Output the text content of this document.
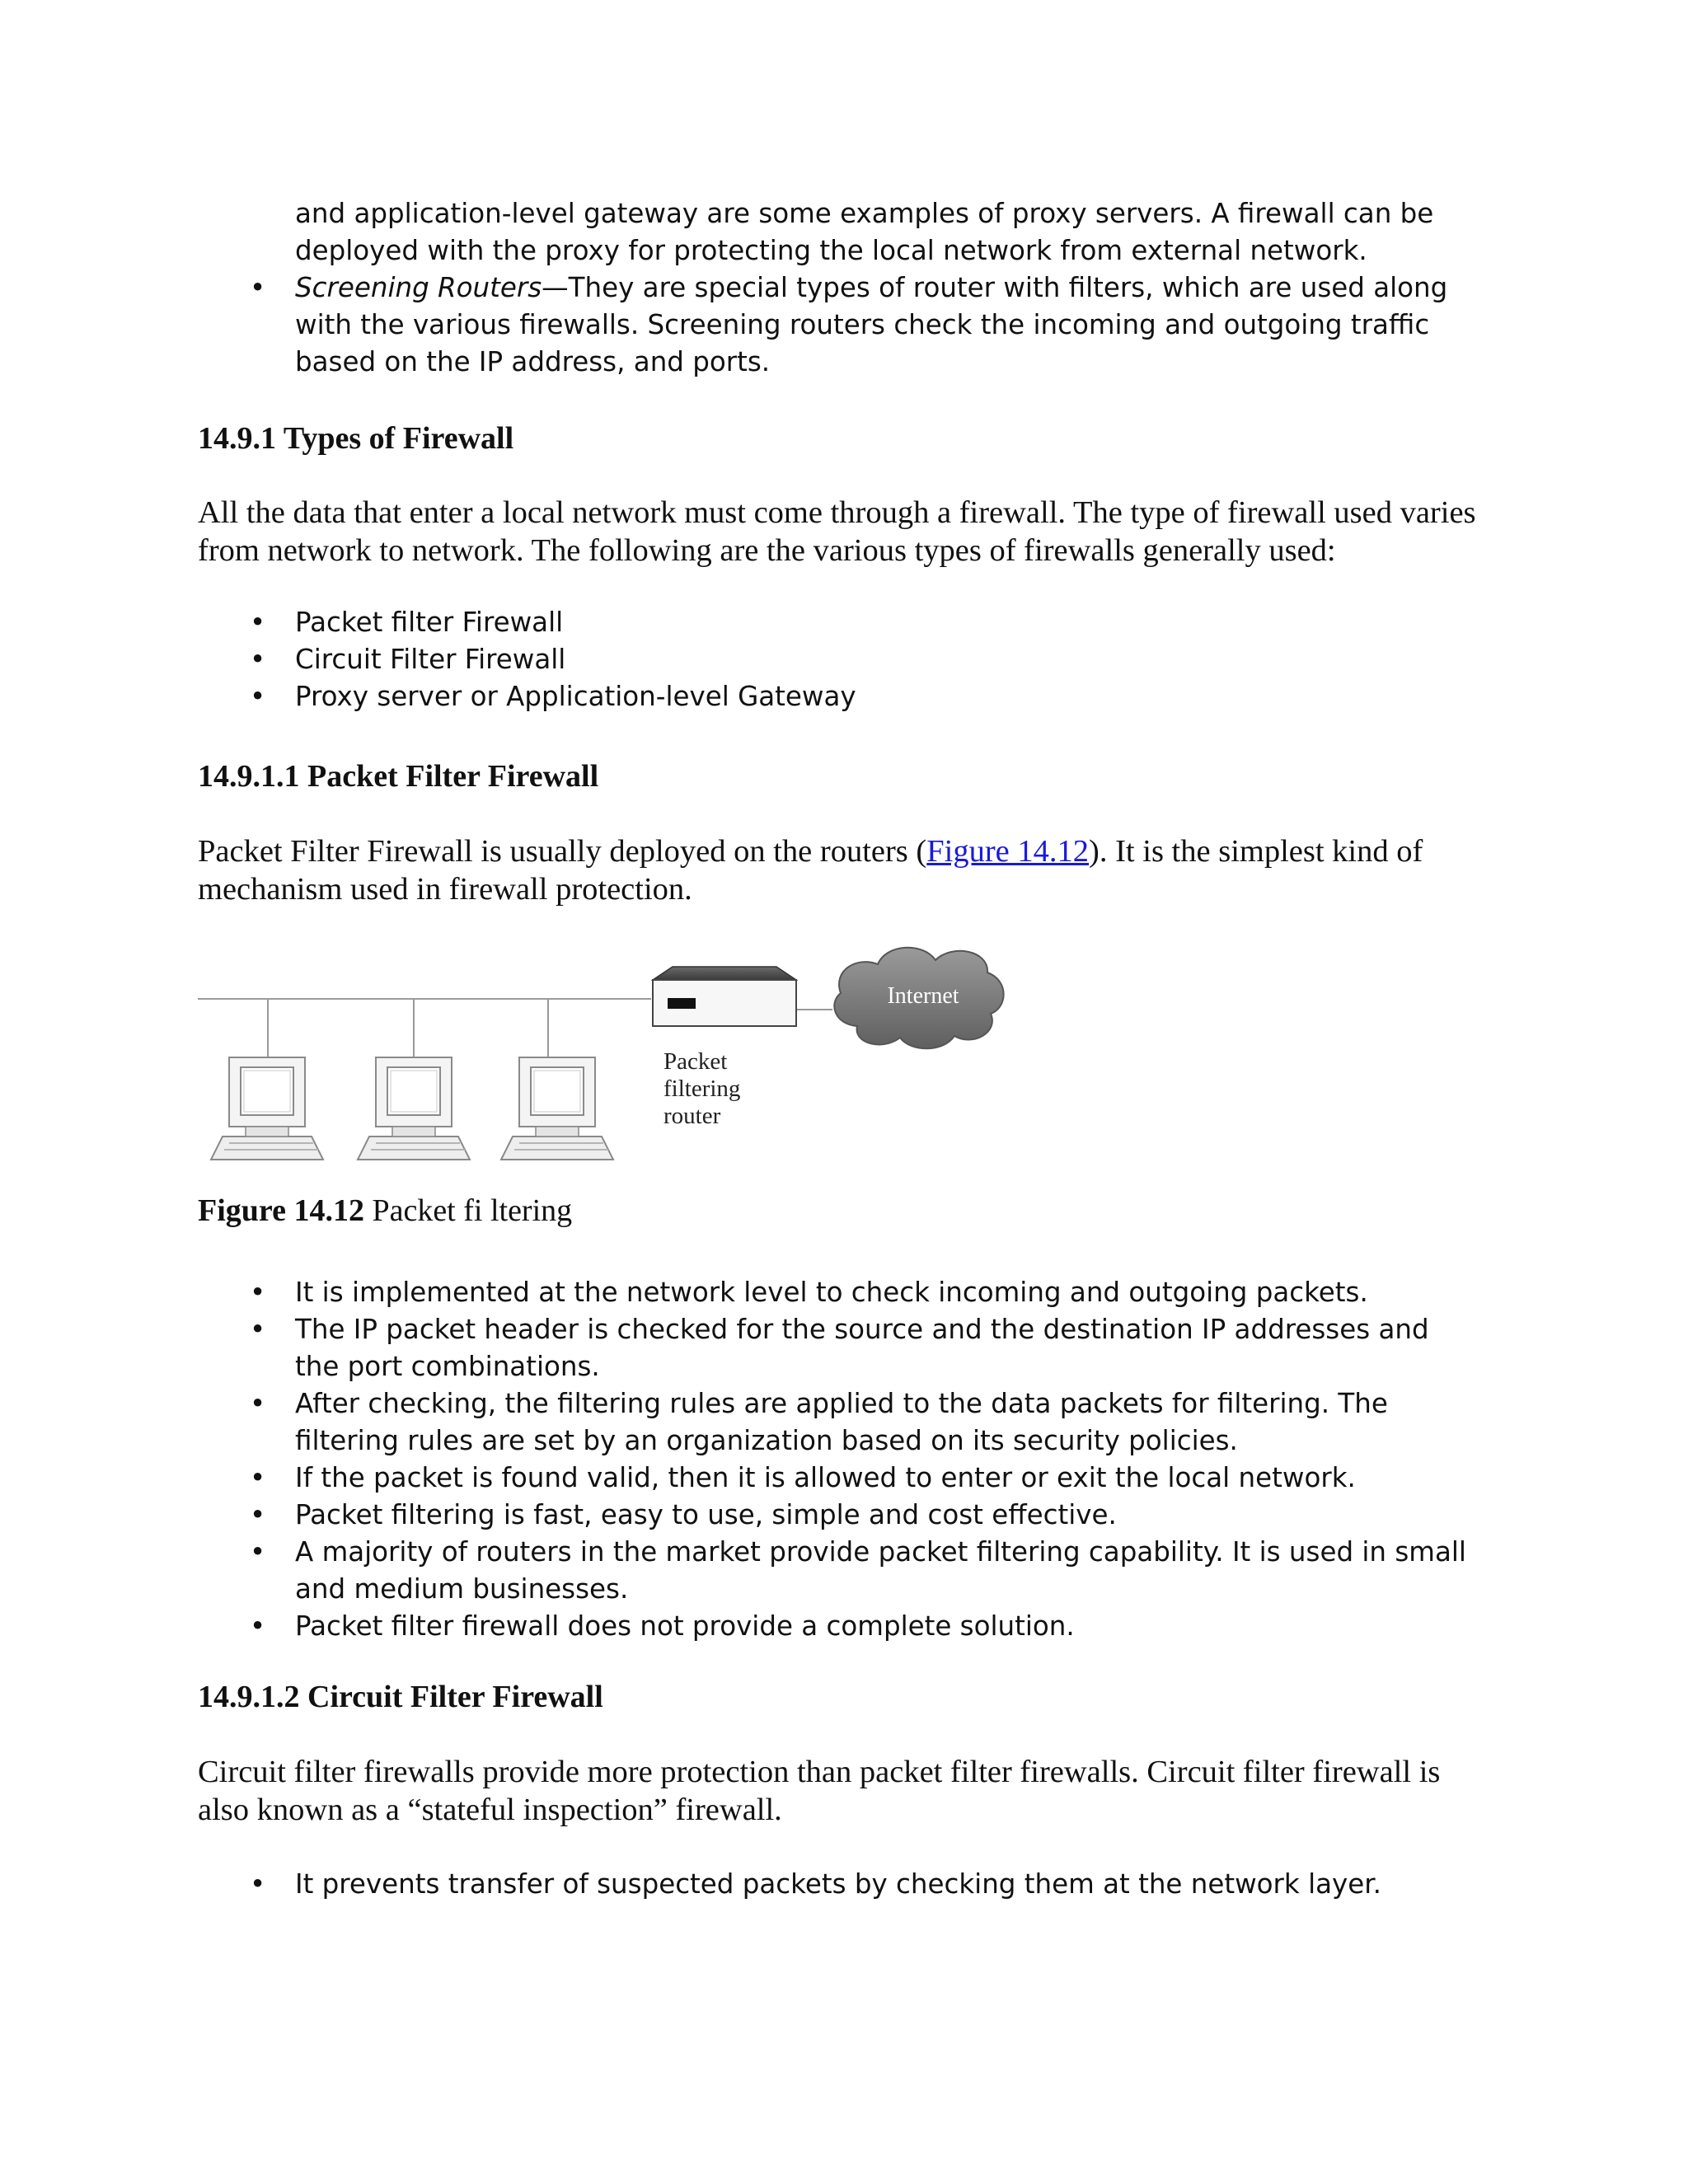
and application-level gateway are some examples of proxy servers. A firewall can be deployed with the proxy for protecting the local network from external network.

• Screening Routers—They are special types of router with filters, which are used along with the various firewalls. Screening routers check the incoming and outgoing traffic based on the IP address, and ports.
14.9.1 Types of Firewall

All the data that enter a local network must come through a firewall. The type of firewall used varies from network to network. The following are the various types of firewalls generally used:

• Packet filter Firewall
• Circuit Filter Firewall
• Proxy server or Application-level Gateway
14.9.1.1 Packet Filter Firewall

Packet Filter Firewall is usually deployed on the routers (Figure 14.12). It is the simplest kind of mechanism used in firewall protection.

Internet
Packet filtering router

Figure 14.12 Packet fi ltering

• It is implemented at the network level to check incoming and outgoing packets.
• The IP packet header is checked for the source and the destination IP addresses and the port combinations.
• After checking, the filtering rules are applied to the data packets for filtering. The filtering rules are set by an organization based on its security policies.
• If the packet is found valid, then it is allowed to enter or exit the local network.
• Packet filtering is fast, easy to use, simple and cost effective.
• A majority of routers in the market provide packet filtering capability. It is used in small and medium businesses.
• Packet filter firewall does not provide a complete solution.
14.9.1.2 Circuit Filter Firewall

Circuit filter firewalls provide more protection than packet filter firewalls. Circuit filter firewall is also known as a “stateful inspection” firewall.

• It prevents transfer of suspected packets by checking them at the network layer.
